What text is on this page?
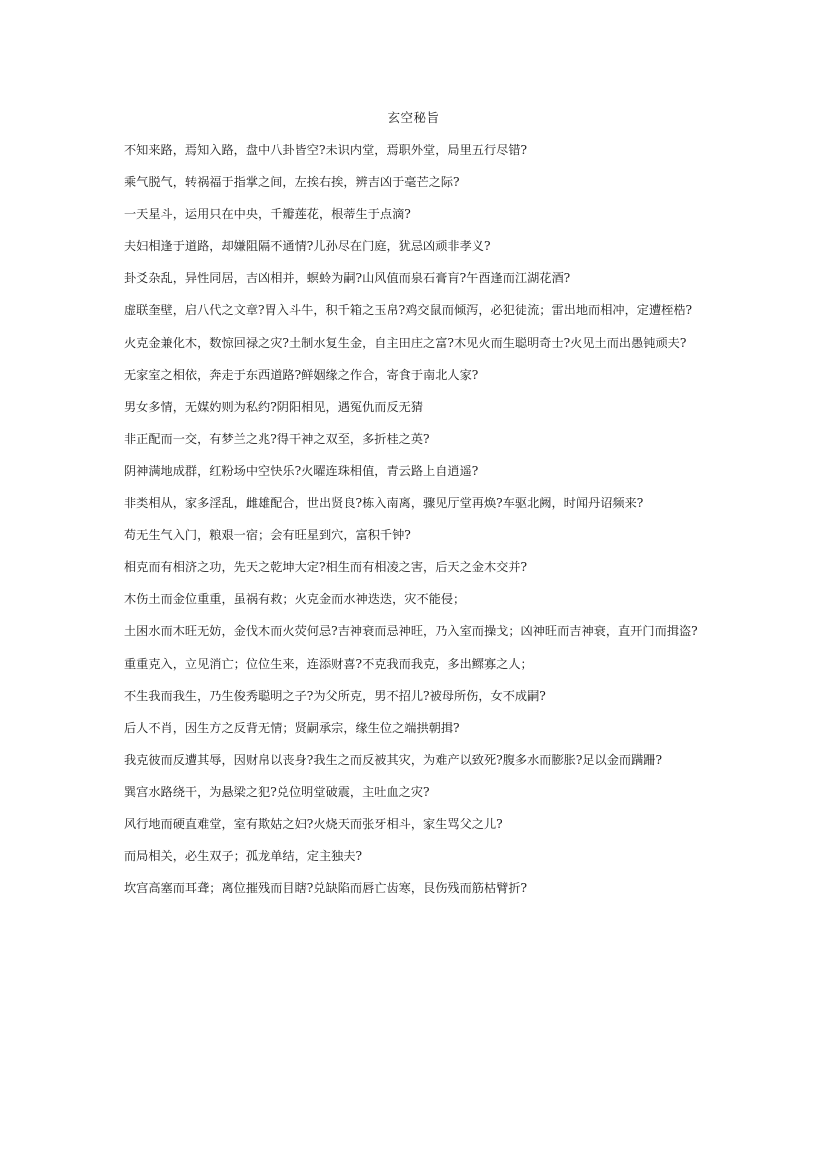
玄空秘旨
不知来路，焉知入路，盘中八卦皆空?未识内堂，焉职外堂，局里五行尽错?
乘气脱气，转祸福于指掌之间，左挨右挨，辨吉凶于毫芒之际?
一天星斗，运用只在中央，千瓣莲花，根蒂生于点滴?
夫妇相逢于道路，却嫌阻隔不通情?儿孙尽在门庭，犹忌凶顽非孝义?
卦爻杂乱，异性同居，吉凶相并，螟蛉为嗣?山风值而泉石膏肓?午酉逢而江湖花酒?
虚联奎壁，启八代之文章?胃入斗牛，积千箱之玉帛?鸡交鼠而倾泻，必犯徒流；雷出地而相冲，定遭桎梏?
火克金兼化木，数惊回禄之灾?土制水复生金，自主田庄之富?木见火而生聪明奇士?火见土而出愚钝顽夫?
无家室之相依，奔走于东西道路?鲜姻缘之作合，寄食于南北人家?
男女多情，无媒妁则为私约?阴阳相见，遇冤仇而反无猜
非正配而一交，有梦兰之兆?得干神之双至，多折桂之英?
阴神满地成群，红粉场中空快乐?火曜连珠相值，青云路上自逍遥?
非类相从，家多淫乱，雌雄配合，世出贤良?栋入南离，骤见厅堂再焕?车驱北阙，时闻丹诏频来?
苟无生气入门，粮艰一宿；会有旺星到穴，富积千钟?
相克而有相济之功，先天之乾坤大定?相生而有相凌之害，后天之金木交并?
木伤土而金位重重，虽祸有救；火克金而水神迭迭，灾不能侵；
土困水而木旺无妨，金伐木而火荧何忌?吉神衰而忌神旺，乃入室而操戈；凶神旺而吉神衰，直开门而揖盗?
重重克入，立见消亡；位位生来，连添财喜?不克我而我克，多出鳏寡之人；
不生我而我生，乃生俊秀聪明之子?为父所克，男不招儿?被母所伤，女不成嗣?
后人不肖，因生方之反背无情；贤嗣承宗，缘生位之端拱朝揖?
我克彼而反遭其辱，因财帛以丧身?我生之而反被其灾，为难产以致死?腹多水而膨胀?足以金而蹒跚?
巽宫水路绕干，为悬梁之犯?兑位明堂破震，主吐血之灾?
风行地而硬直难堂，室有欺姑之妇?火烧天而张牙相斗，家生骂父之儿?
而局相关，必生双子；孤龙单结，定主独夫?
坎宫高塞而耳聋；离位摧残而目瞎?兑缺陷而唇亡齿寒，艮伤残而筋枯臂折?
